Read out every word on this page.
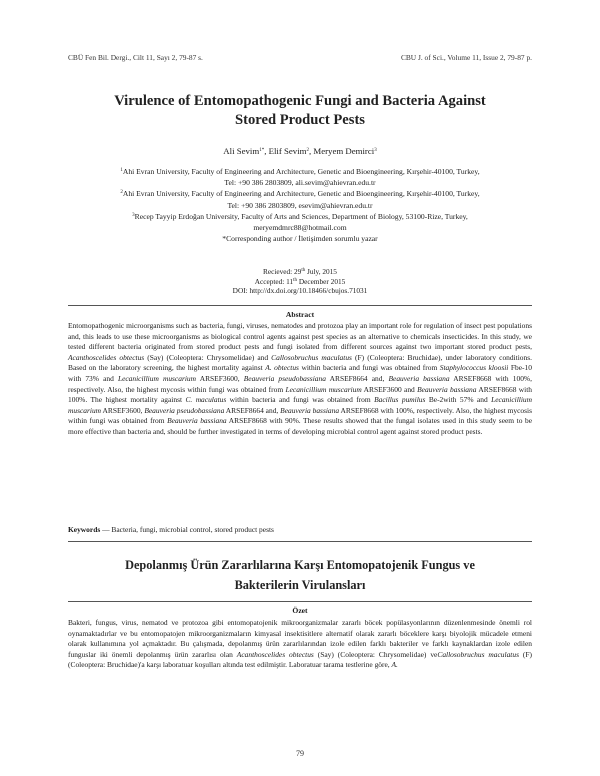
CBÜ Fen Bil. Dergi., Cilt 11, Sayı 2, 79-87 s.	CBU J. of Sci., Volume 11, Issue 2, 79-87 p.
Virulence of Entomopathogenic Fungi and Bacteria Against
Stored Product Pests
Ali Sevim$^{1*}$, Elif Sevim$^2$, Meryem Demirci$^3$

$^1$Ahi Evran University, Faculty of Engineering and Architecture, Genetic and Bioengineering, Kırşehir-40100, Turkey,
Tel: +90 386 2803809, ali.sevim@ahievran.edu.tr

$^2$Ahi Evran University, Faculty of Engineering and Architecture, Genetic and Bioengineering, Kırşehir-40100, Turkey,
Tel: +90 386 2803809, esevim@ahievran.edu.tr

$^3$Recep Tayyip Erdoğan University, Faculty of Arts and Sciences, Department of Biology, 53100-Rize, Turkey,
meryemdmrc88@hotmail.com

*Corresponding author / İletişimden sorumlu yazar

Recieved: 29th July, 2015

Accepted: 11th December 2015

DOI: http://dx.doi.org/10.18466/cbujos.71031

Abstract

Entomopathogenic microorganisms such as bacteria, fungi, viruses, nematodes and protozoa play an important role for regulation of insect pest populations and, this leads to use these microorganisms as biological control agents against pest species as an alternative to chemicals insecticides. In this study, we tested different bacteria originated from stored product pests and fungi isolated from different sources against two important stored product pests, Acanthoscelides obtectus (Say) (Coleoptera: Chrysomelidae) and Callosobruchus maculatus (F) (Coleoptera: Bruchidae), under laboratory conditions. Based on the laboratory screening, the highest mortality against A. obtectus within bacteria and fungi was obtained from Staphylococcus kloosii Fbe-10 with 73% and Lecanicillium muscarium ARSEF3600, Beauveria pseudobassiana ARSEF8664 and, Beauveria bassiana ARSEF8668 with 100%, respectively. Also, the highest mycosis within fungi was obtained from Lecanicillium muscarium ARSEF3600 and Beauveria bassiana ARSEF8668 with 100%. The highest mortality against C. maculatus within bacteria and fungi was obtained from Bacillus pumilus Be-2with 57% and Lecanicillium muscarium ARSEF3600, Beauveria pseudobassiana ARSEF8664 and, Beauveria bassiana ARSEF8668 with 100%, respectively. Also, the highest mycosis within fungi was obtained from Beauveria bassiana ARSEF8668 with 90%. These results showed that the fungal isolates used in this study seem to be more effective than bacteria and, should be further investigated in terms of developing microbial control agent against stored product pests.

Keywords — Bacteria, fungi, microbial control, stored product pests
Depolanmış Ürün Zararlılarına Karşı Entomopatojenik Fungus ve
Bakterilerin Virulansları
Özet

Bakteri, fungus, virus, nematod ve protozoa gibi entomopatojenik mikroorganizmalar zararlı böcek popülasyonlarının düzenlenmesinde önemli rol oynamaktadırlar ve bu entomopatojen mikroorganizmaların kimyasal insektisitlere alternatif olarak zararlı böceklere karşı biyolojik mücadele etmeni olarak kullanımına yol açmaktadır. Bu çalışmada, depolanmış ürün zararlılarından izole edilen farklı bakteriler ve farklı kaynaklardan izole edilen funguslar iki önemli depolanmış ürün zararlısı olan Acanthoscelides obtectus (Say) (Coleoptera: Chrysomelidae) veCallosobruchus maculatus (F) (Coleoptera: Bruchidae)'a karşı laboratuar koşulları altında test edilmiştir. Laboratuar tarama testlerine göre, A.

79
